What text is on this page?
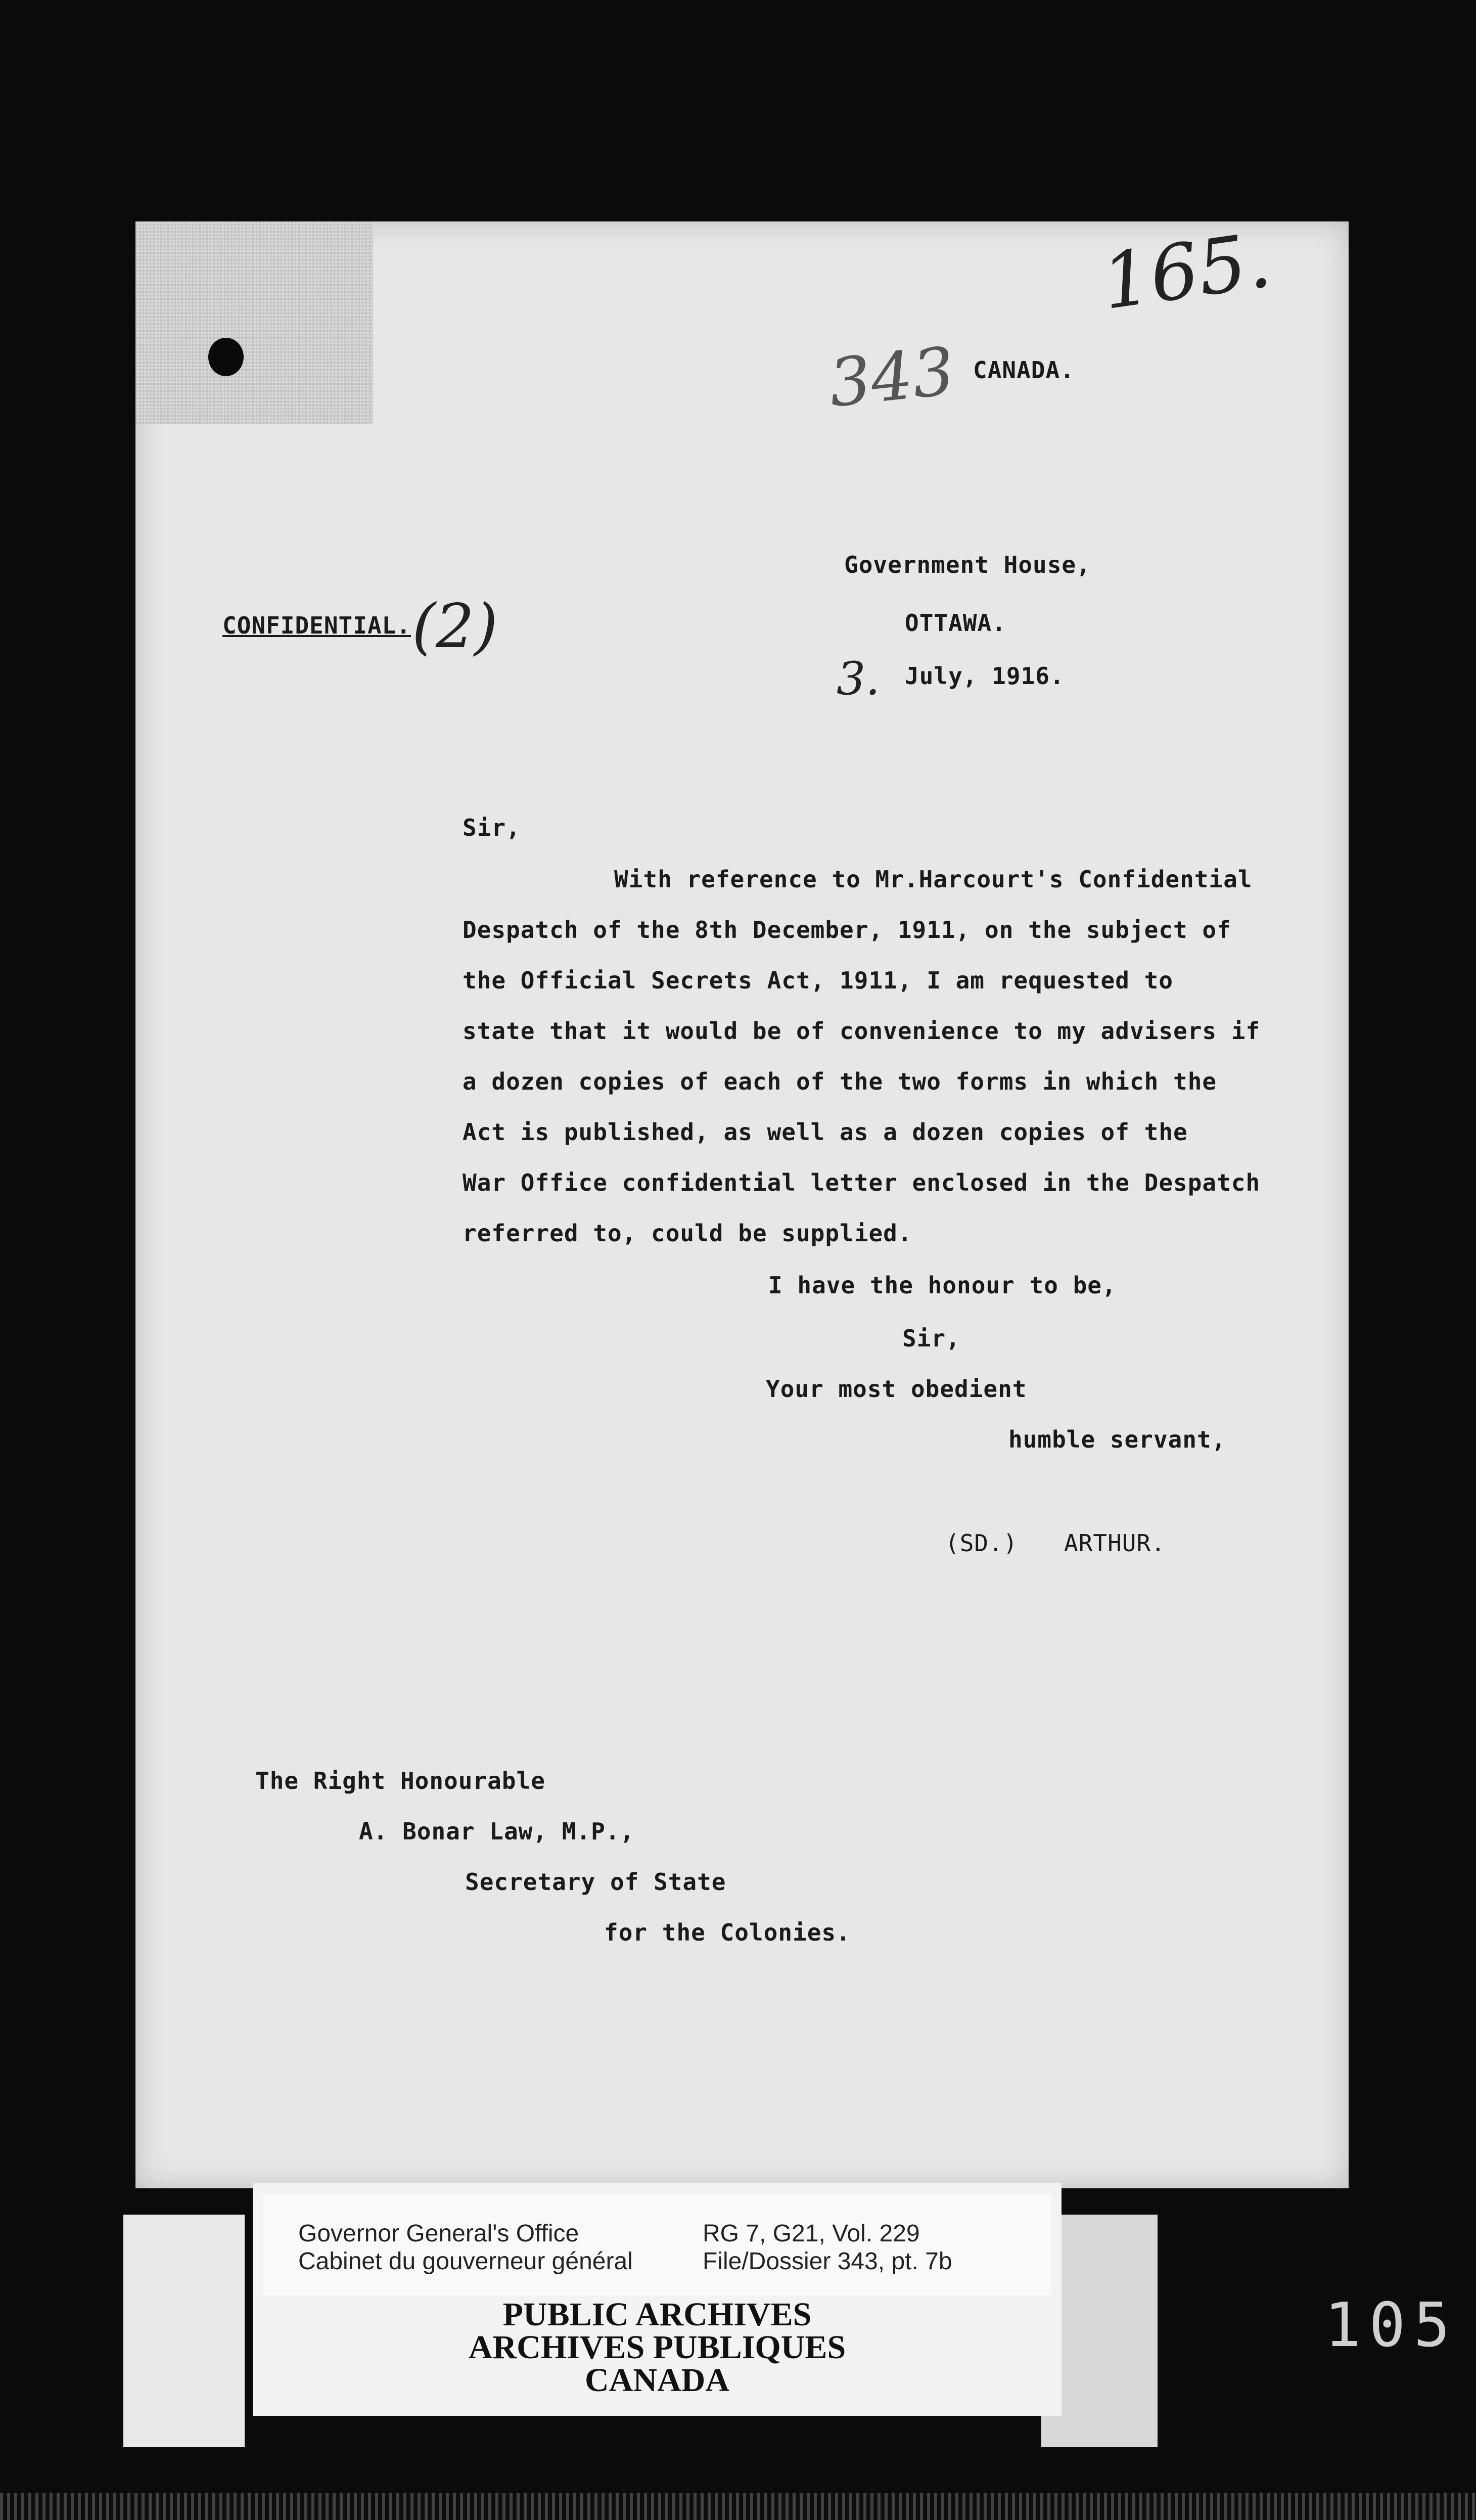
165.
343 CANADA.
Government House,
OTTAWA.
3. July, 1916.
CONFIDENTIAL. (2)
Sir,
With reference to Mr.Harcourt's Confidential
Despatch of the 8th December, 1911, on the subject of
the Official Secrets Act, 1911, I am requested to
state that it would be of convenience to my advisers if
a dozen copies of each of the two forms in which the
Act is published, as well as a dozen copies of the
War Office confidential letter enclosed in the Despatch
referred to, could be supplied.
I have the honour to be,
Sir,
Your most obedient
humble servant,
(SD.) ARTHUR.
The Right Honourable
A. Bonar Law, M.P.,
Secretary of State
for the Colonies.
Governor General's Office
Cabinet du gouverneur général
RG 7, G21, Vol. 229
File/Dossier 343, pt. 7b
PUBLIC ARCHIVES
ARCHIVES PUBLIQUES
CANADA
105
